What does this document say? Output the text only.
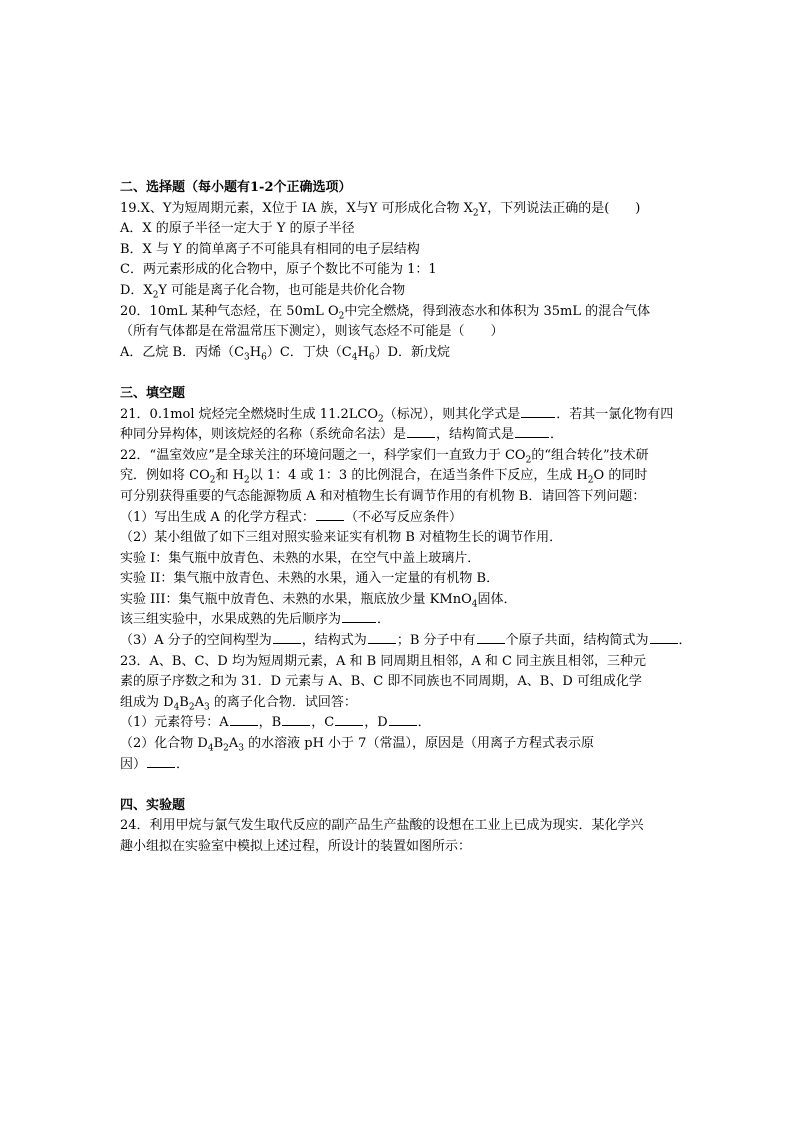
二、选择题（每小题有1-2个正确选项）
19.X、Y为短周期元素，X位于 IA 族，X与Y 可形成化合物 $X_2Y$，下列说法正确的是(　　)
A．X 的原子半径一定大于 Y 的原子半径
B．X 与 Y 的简单离子不可能具有相同的电子层结构
C．两元素形成的化合物中，原子个数比不可能为 1：1
D．$X_2Y$ 可能是离子化合物，也可能是共价化合物
20．10mL 某种气态烃，在 50mL $O_2$中完全燃烧，得到液态水和体积为 35mL 的混合气体
（所有气体都是在常温常压下测定），则该气态烃不可能是（　　）
A．乙烷 B．丙烯$(C_3H_6)C$．丁炔$(C_4H_6)D$．新戊烷
三、填空题
21．0.1mol 烷烃完全燃烧时生成 $11.2LCO_2$（标况），则其化学式是	．若其一氯化物有四
种同分异构体，则该烷烃的名称（系统命名法）是 ，结构简式是	．
22．“温室效应”是全球关注的环境问题之一，科学家们一直致力于 $CO_2$的“组合转化”技术研
究．例如将 $CO_2$和 $H_2$以 1：4 或 1：3 的比例混合，在适当条件下反应，生成 $H_2O$ 的同时
可分别获得重要的气态能源物质 A 和对植物生长有调节作用的有机物 B．请回答下列问题：
（1）写出生成 A 的化学方程式： （不必写反应条件）
（2）某小组做了如下三组对照实验来证实有机物 B 对植物生长的调节作用．
实验 I：集气瓶中放青色、未熟的水果，在空气中盖上玻璃片．
实验 II：集气瓶中放青色、未熟的水果，通入一定量的有机物 B．
实验 III：集气瓶中放青色、未熟的水果，瓶底放少量 KMnO$_4$固体．
该三组实验中，水果成熟的先后顺序为	．
（3）A 分子的空间构型为 ，结构式为 ；B 分子中有 个原子共面，结构简式为 ．
23．A、B、C、D 均为短周期元素，A 和 B 同周期且相邻，A 和 C 同主族且相邻，三种元
素的原子序数之和为 31．D 元素与 A、B、C 即不同族也不同周期，A、B、D 可组成化学
组成为 $D_4B_2A_3$ 的离子化合物．试回答：
（1）元素符号：A ，B ，C ，D ．
（2）化合物 $D_4B_2A_3$ 的水溶液 pH 小于 7（常温），原因是（用离子方程式表示原
因） ．
四、实验题
24．利用甲烷与氯气发生取代反应的副产品生产盐酸的设想在工业上已成为现实．某化学兴
趣小组拟在实验室中模拟上述过程，所设计的装置如图所示：
